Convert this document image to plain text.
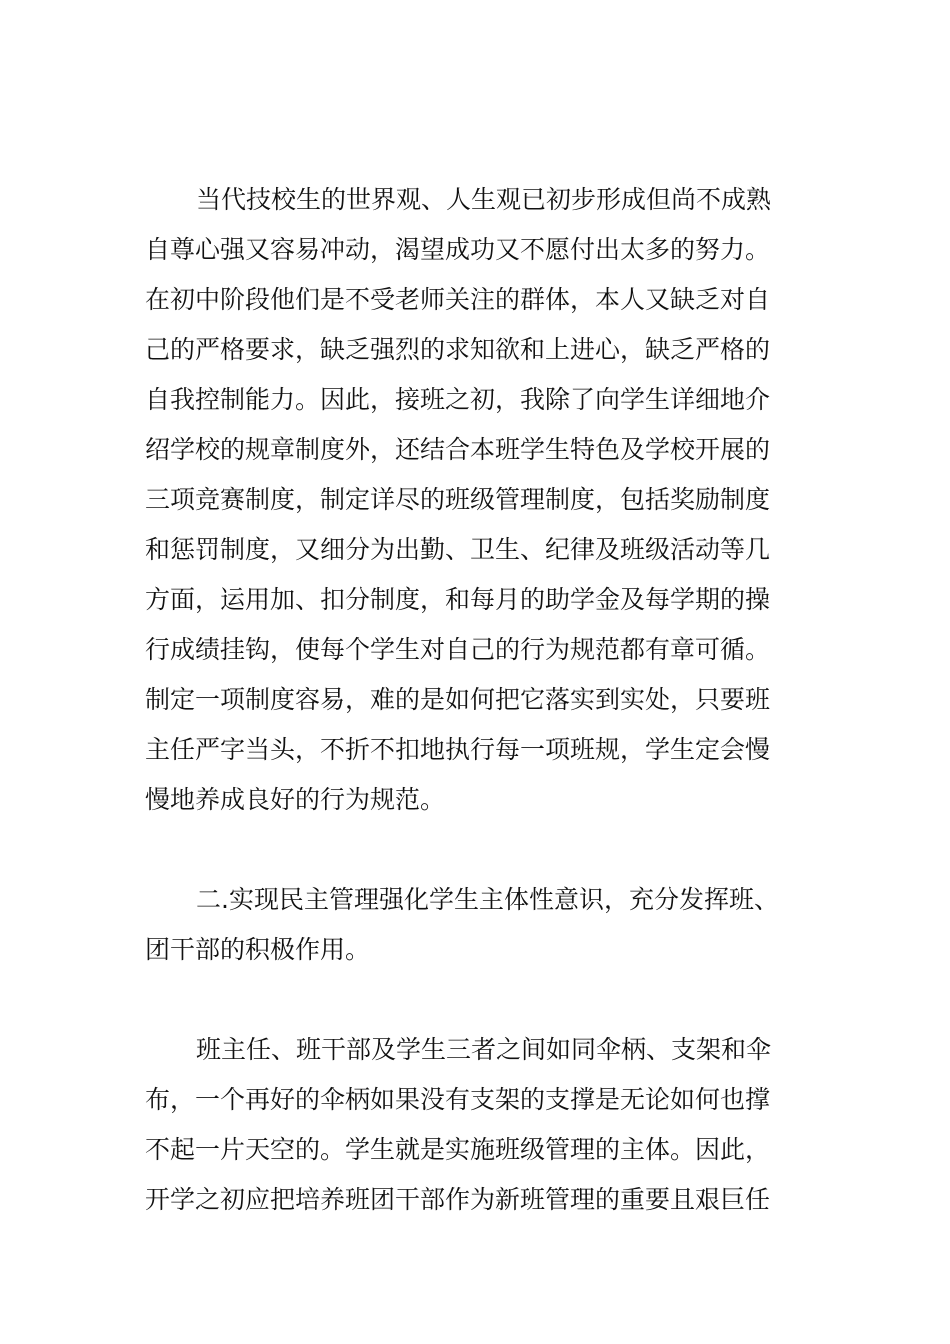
当代技校生的世界观、人生观已初步形成但尚不成熟
自尊心强又容易冲动，渴望成功又不愿付出太多的努力。
在初中阶段他们是不受老师关注的群体，本人又缺乏对自
己的严格要求，缺乏强烈的求知欲和上进心，缺乏严格的
自我控制能力。因此，接班之初，我除了向学生详细地介
绍学校的规章制度外，还结合本班学生特色及学校开展的
三项竞赛制度，制定详尽的班级管理制度，包括奖励制度
和惩罚制度，又细分为出勤、卫生、纪律及班级活动等几
方面，运用加、扣分制度，和每月的助学金及每学期的操
行成绩挂钩，使每个学生对自己的行为规范都有章可循。
制定一项制度容易，难的是如何把它落实到实处，只要班
主任严字当头，不折不扣地执行每一项班规，学生定会慢
慢地养成良好的行为规范。
二.实现民主管理强化学生主体性意识，充分发挥班、
团干部的积极作用。
班主任、班干部及学生三者之间如同伞柄、支架和伞
布，一个再好的伞柄如果没有支架的支撑是无论如何也撑
不起一片天空的。学生就是实施班级管理的主体。因此，
开学之初应把培养班团干部作为新班管理的重要且艰巨任
